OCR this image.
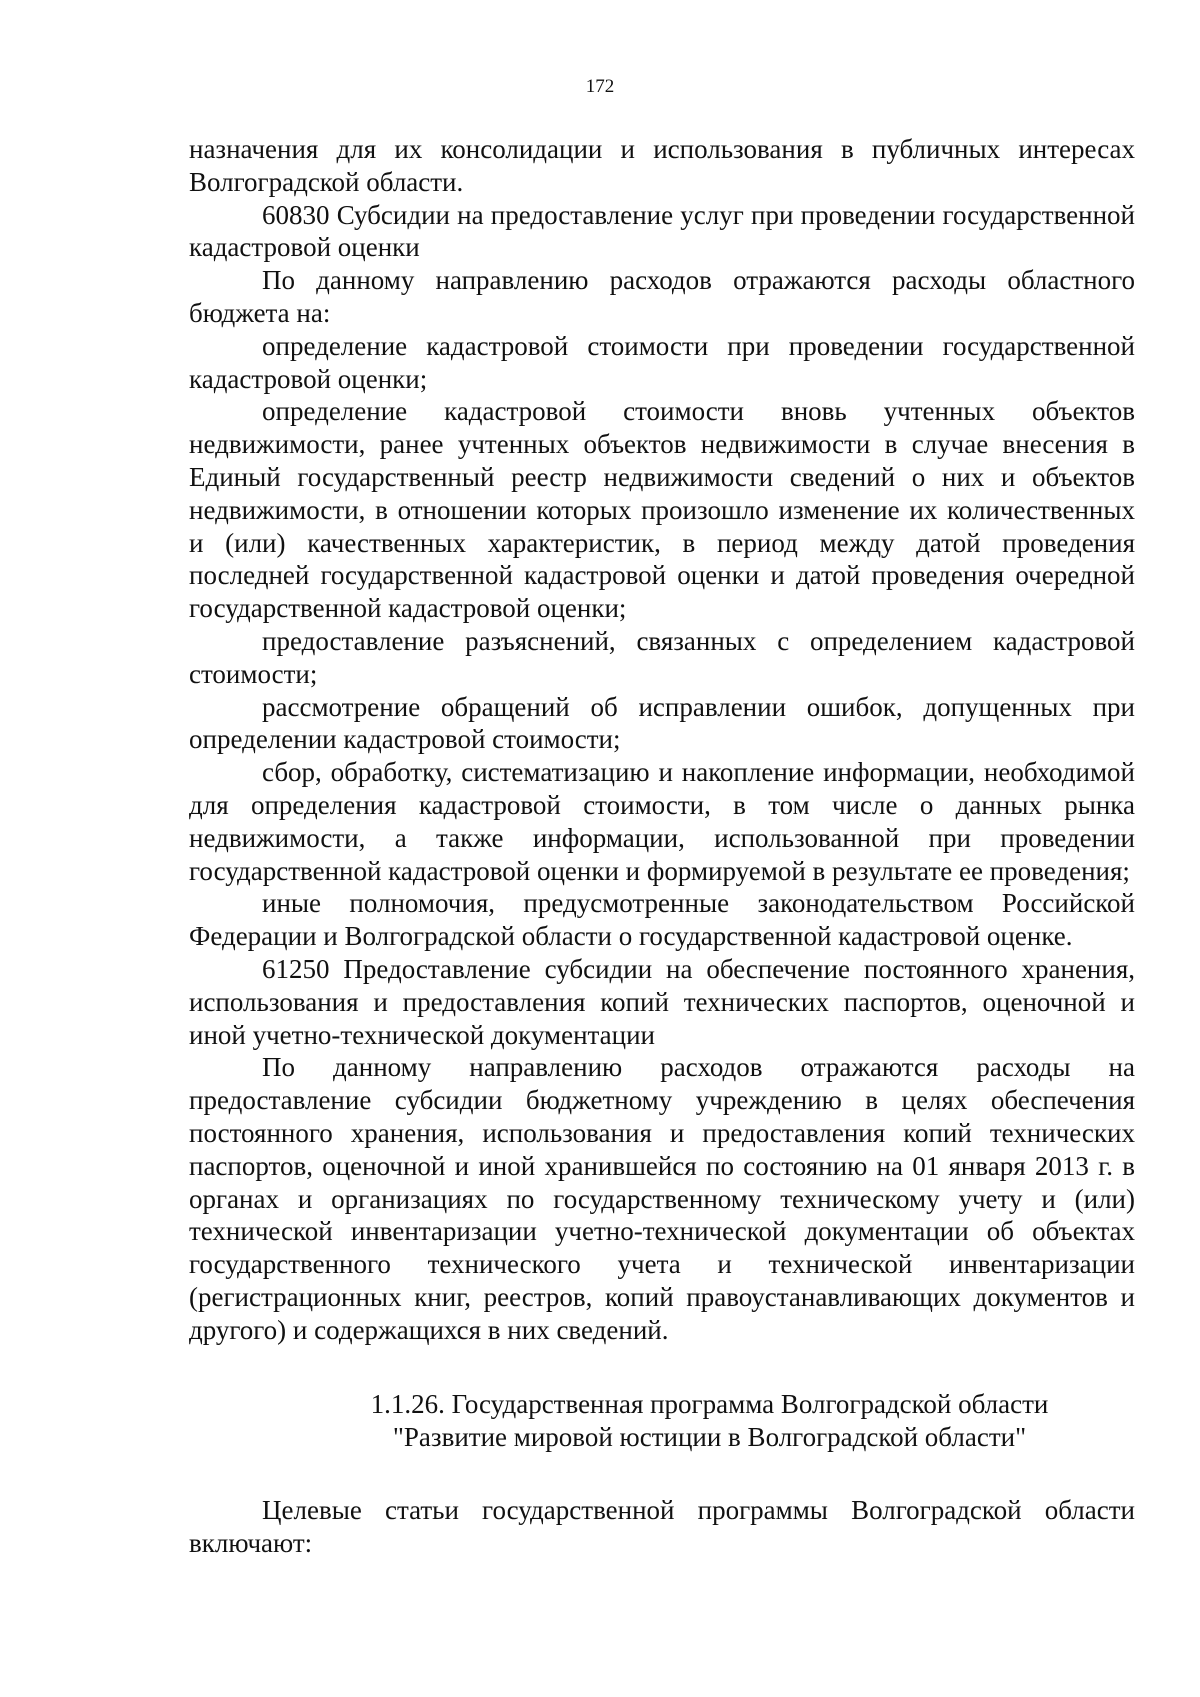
172

назначения для их консолидации и использования в публичных интересах Волгоградской области.

60830 Субсидии на предоставление услуг при проведении государственной кадастровой оценки

По данному направлению расходов отражаются расходы областного бюджета на:

определение кадастровой стоимости при проведении государственной кадастровой оценки;

определение кадастровой стоимости вновь учтенных объектов недвижимости, ранее учтенных объектов недвижимости в случае внесения в Единый государственный реестр недвижимости сведений о них и объектов недвижимости, в отношении которых произошло изменение их количественных и (или) качественных характеристик, в период между датой проведения последней государственной кадастровой оценки и датой проведения очередной государственной кадастровой оценки;

предоставление разъяснений, связанных с определением кадастровой стоимости;

рассмотрение обращений об исправлении ошибок, допущенных при определении кадастровой стоимости;

сбор, обработку, систематизацию и накопление информации, необходимой для определения кадастровой стоимости, в том числе о данных рынка недвижимости, а также информации, использованной при проведении государственной кадастровой оценки и формируемой в результате ее проведения;

иные полномочия, предусмотренные законодательством Российской Федерации и Волгоградской области о государственной кадастровой оценке.

61250 Предоставление субсидии на обеспечение постоянного хранения, использования и предоставления копий технических паспортов, оценочной и иной учетно-технической документации

По данному направлению расходов отражаются расходы на предоставление субсидии бюджетному учреждению в целях обеспечения постоянного хранения, использования и предоставления копий технических паспортов, оценочной и иной хранившейся по состоянию на 01 января 2013 г. в органах и организациях по государственному техническому учету и (или) технической инвентаризации учетно-технической документации об объектах государственного технического учета и технической инвентаризации (регистрационных книг, реестров, копий правоустанавливающих документов и другого) и содержащихся в них сведений.

1.1.26. Государственная программа Волгоградской области
"Развитие мировой юстиции в Волгоградской области"

Целевые статьи государственной программы Волгоградской области включают:
